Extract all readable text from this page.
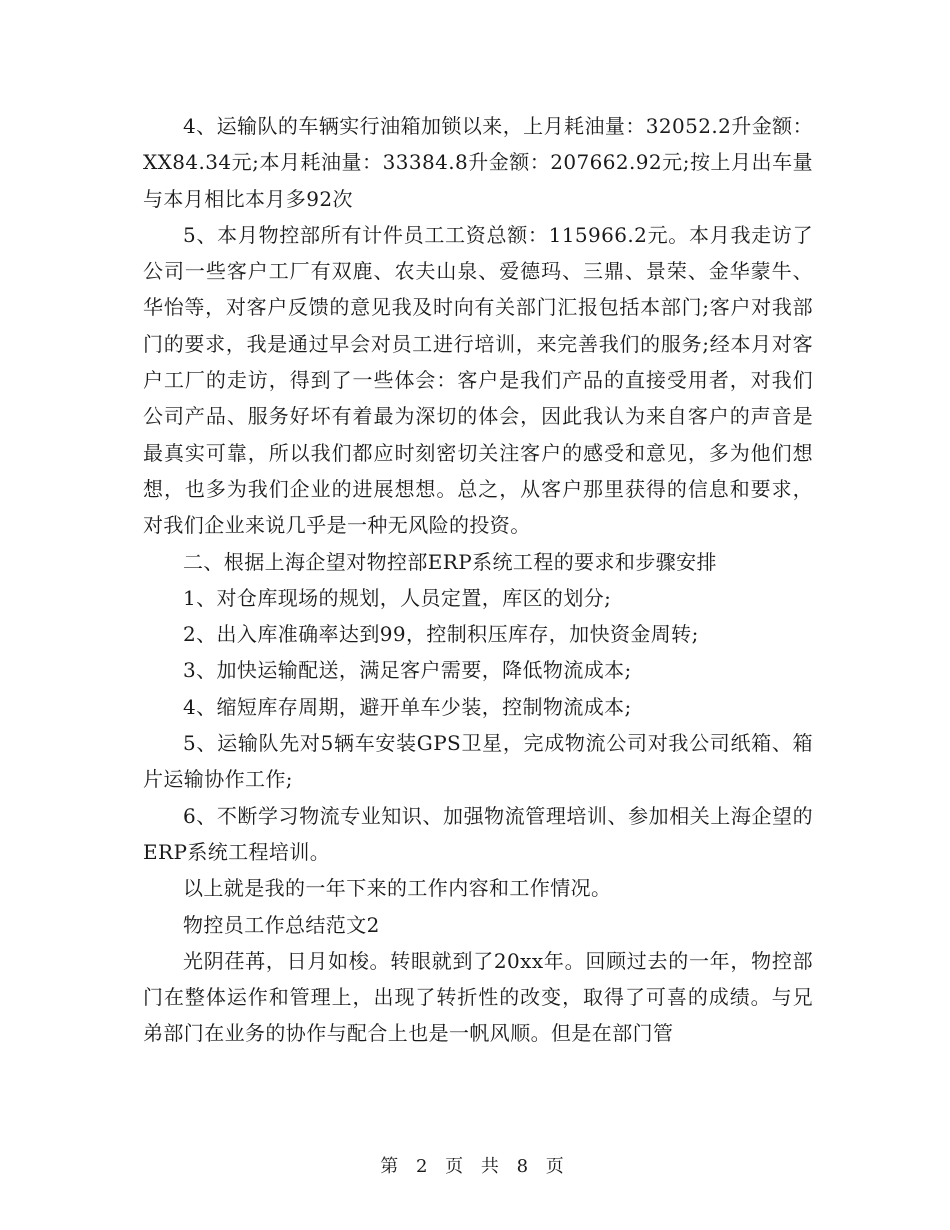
4、运输队的车辆实行油箱加锁以来，上月耗油量：32052.2升金额：XX84.34元;本月耗油量：33384.8升金额：207662.92元;按上月出车量与本月相比本月多92次

5、本月物控部所有计件员工工资总额：115966.2元。本月我走访了公司一些客户工厂有双鹿、农夫山泉、爱德玛、三鼎、景荣、金华蒙牛、华怡等，对客户反馈的意见我及时向有关部门汇报包括本部门;客户对我部门的要求，我是通过早会对员工进行培训，来完善我们的服务;经本月对客户工厂的走访，得到了一些体会：客户是我们产品的直接受用者，对我们公司产品、服务好坏有着最为深切的体会，因此我认为来自客户的声音是最真实可靠，所以我们都应时刻密切关注客户的感受和意见，多为他们想想，也多为我们企业的进展想想。总之，从客户那里获得的信息和要求，对我们企业来说几乎是一种无风险的投资。

二、根据上海企望对物控部ERP系统工程的要求和步骤安排

1、对仓库现场的规划，人员定置，库区的划分;

2、出入库准确率达到99，控制积压库存，加快资金周转;

3、加快运输配送，满足客户需要，降低物流成本;

4、缩短库存周期，避开单车少装，控制物流成本;

5、运输队先对5辆车安装GPS卫星，完成物流公司对我公司纸箱、箱片运输协作工作;

6、不断学习物流专业知识、加强物流管理培训、参加相关上海企望的ERP系统工程培训。

以上就是我的一年下来的工作内容和工作情况。

物控员工作总结范文2

光阴荏苒，日月如梭。转眼就到了20xx年。回顾过去的一年，物控部门在整体运作和管理上，出现了转折性的改变，取得了可喜的成绩。与兄弟部门在业务的协作与配合上也是一帆风顺。但是在部门管

第 2 页 共 8 页
